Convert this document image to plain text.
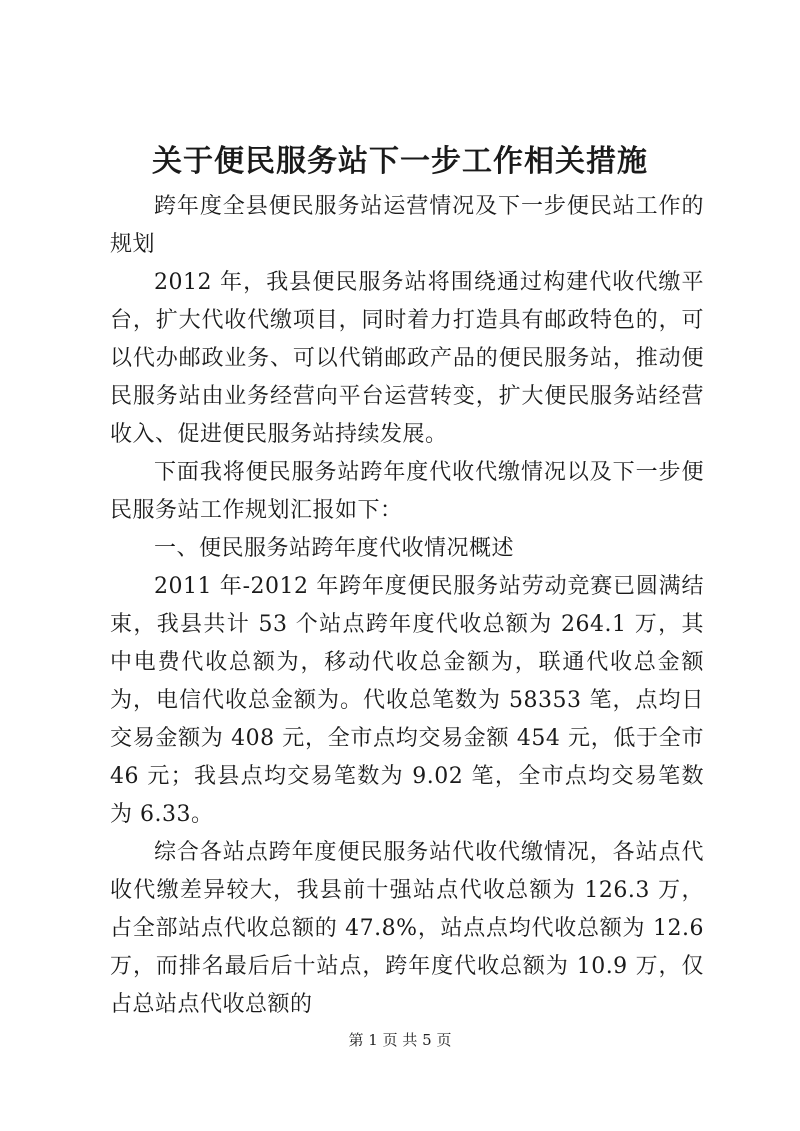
关于便民服务站下一步工作相关措施

跨年度全县便民服务站运营情况及下一步便民站工作的规划

2012 年，我县便民服务站将围绕通过构建代收代缴平台，扩大代收代缴项目，同时着力打造具有邮政特色的，可以代办邮政业务、可以代销邮政产品的便民服务站，推动便民服务站由业务经营向平台运营转变，扩大便民服务站经营收入、促进便民服务站持续发展。

下面我将便民服务站跨年度代收代缴情况以及下一步便民服务站工作规划汇报如下：

一、便民服务站跨年度代收情况概述

2011 年-2012 年跨年度便民服务站劳动竞赛已圆满结束，我县共计 53 个站点跨年度代收总额为 264.1 万，其中电费代收总额为，移动代收总金额为，联通代收总金额为，电信代收总金额为。代收总笔数为 58353 笔，点均日交易金额为 408 元，全市点均交易金额 454 元，低于全市 46 元；我县点均交易笔数为 9.02 笔，全市点均交易笔数为 6.33。

综合各站点跨年度便民服务站代收代缴情况，各站点代收代缴差异较大，我县前十强站点代收总额为 126.3 万，占全部站点代收总额的 47.8%，站点点均代收总额为 12.6 万，而排名最后后十站点，跨年度代收总额为 10.9 万，仅占总站点代收总额的

第 1 页 共 5 页
